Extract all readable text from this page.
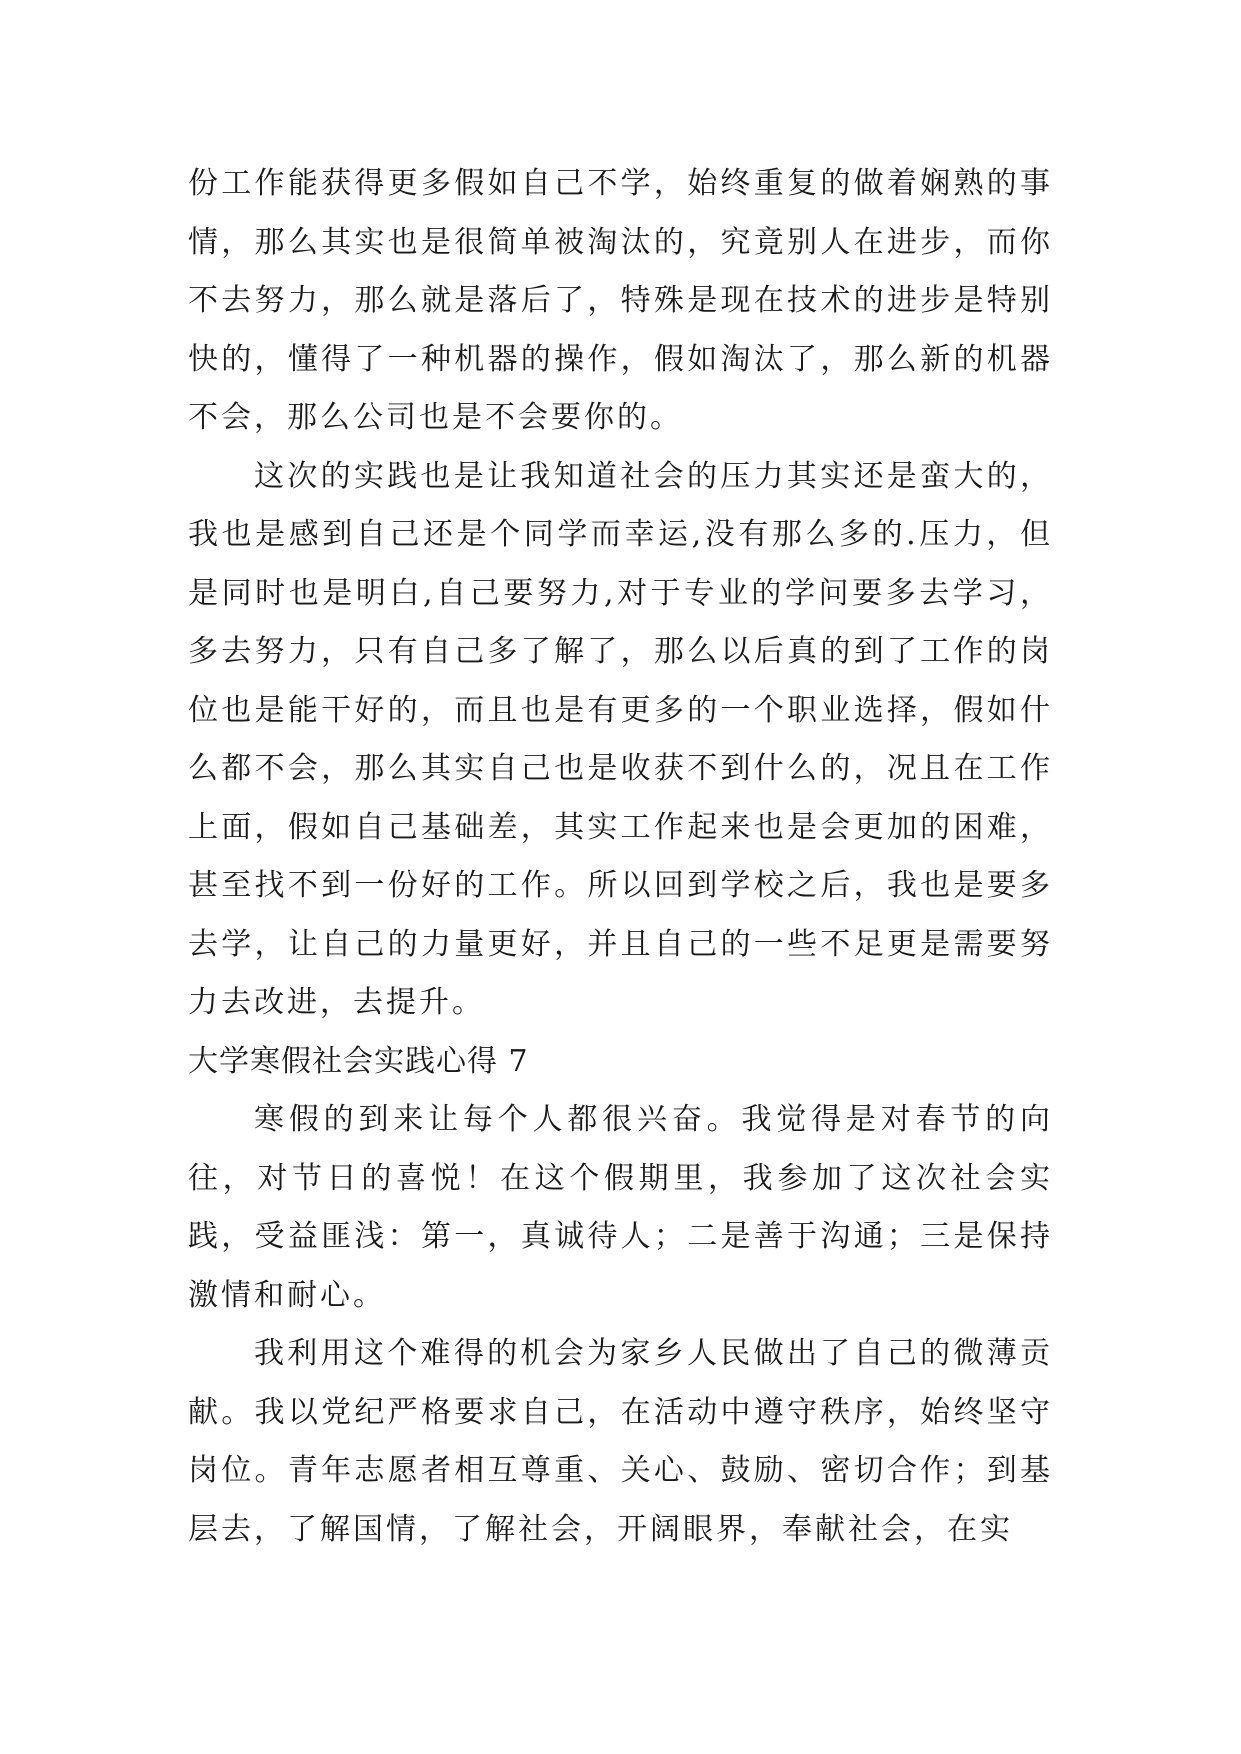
份工作能获得更多假如自己不学，始终重复的做着娴熟的事情，那么其实也是很简单被淘汰的，究竟别人在进步，而你不去努力，那么就是落后了，特殊是现在技术的进步是特别快的，懂得了一种机器的操作，假如淘汰了，那么新的机器不会，那么公司也是不会要你的。

这次的实践也是让我知道社会的压力其实还是蛮大的，我也是感到自己还是个同学而幸运,没有那么多的.压力，但是同时也是明白,自己要努力,对于专业的学问要多去学习，多去努力，只有自己多了解了，那么以后真的到了工作的岗位也是能干好的，而且也是有更多的一个职业选择，假如什么都不会，那么其实自己也是收获不到什么的，况且在工作上面，假如自己基础差，其实工作起来也是会更加的困难，甚至找不到一份好的工作。所以回到学校之后，我也是要多去学，让自己的力量更好，并且自己的一些不足更是需要努力去改进，去提升。

大学寒假社会实践心得 7

寒假的到来让每个人都很兴奋。我觉得是对春节的向往，对节日的喜悦！在这个假期里，我参加了这次社会实践，受益匪浅：第一，真诚待人；二是善于沟通；三是保持激情和耐心。

我利用这个难得的机会为家乡人民做出了自己的微薄贡献。我以党纪严格要求自己，在活动中遵守秩序，始终坚守岗位。青年志愿者相互尊重、关心、鼓励、密切合作；到基层去，了解国情，了解社会，开阔眼界，奉献社会，在实
